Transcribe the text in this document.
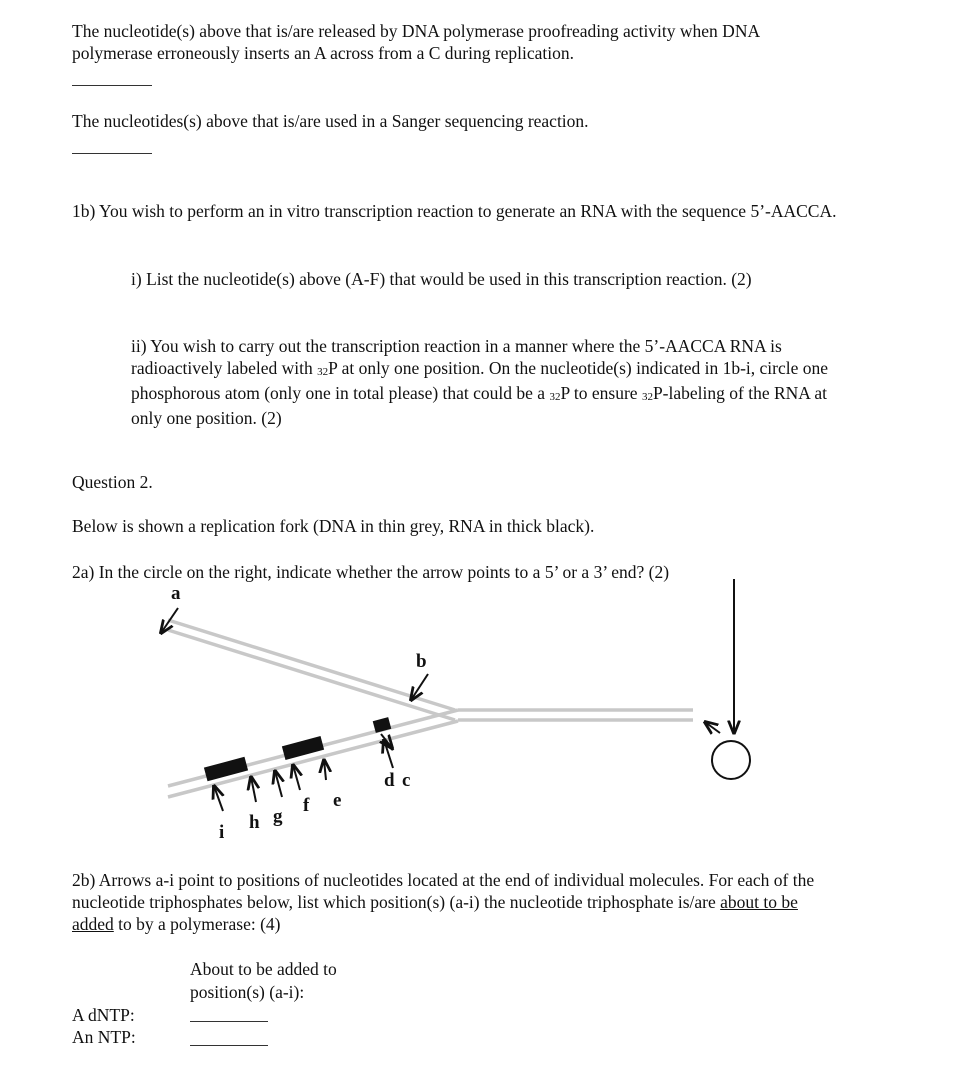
The nucleotide(s) above that is/are released by DNA polymerase proofreading activity when DNA polymerase erroneously inserts an A across from a C during replication.

The nucleotides(s) above that is/are used in a Sanger sequencing reaction.

1b) You wish to perform an in vitro transcription reaction to generate an RNA with the sequence 5’-AACCA.

i) List the nucleotide(s) above (A-F) that would be used in this transcription reaction. (2)

ii) You wish to carry out the transcription reaction in a manner where the 5’-AACCA RNA is radioactively labeled with $_{32}$P at only one position. On the nucleotide(s) indicated in 1b-i, circle one phosphorous atom (only one in total please) that could be a $_{32}$P to ensure $_{32}$P-labeling of the RNA at only one position. (2)

Question 2.

Below is shown a replication fork (DNA in thin grey, RNA in thick black).

2a) In the circle on the right, indicate whether the arrow points to a 5’ or a 3’ end? (2)

a
b
d c
e
f
g
h
i

2b) Arrows a-i point to positions of nucleotides located at the end of individual molecules. For each of the nucleotide triphosphates below, list which position(s) (a-i) the nucleotide triphosphate is/are about to be added to by a polymerase: (4)

About to be added to

position(s) (a-i):

A dNTP:

An NTP:
